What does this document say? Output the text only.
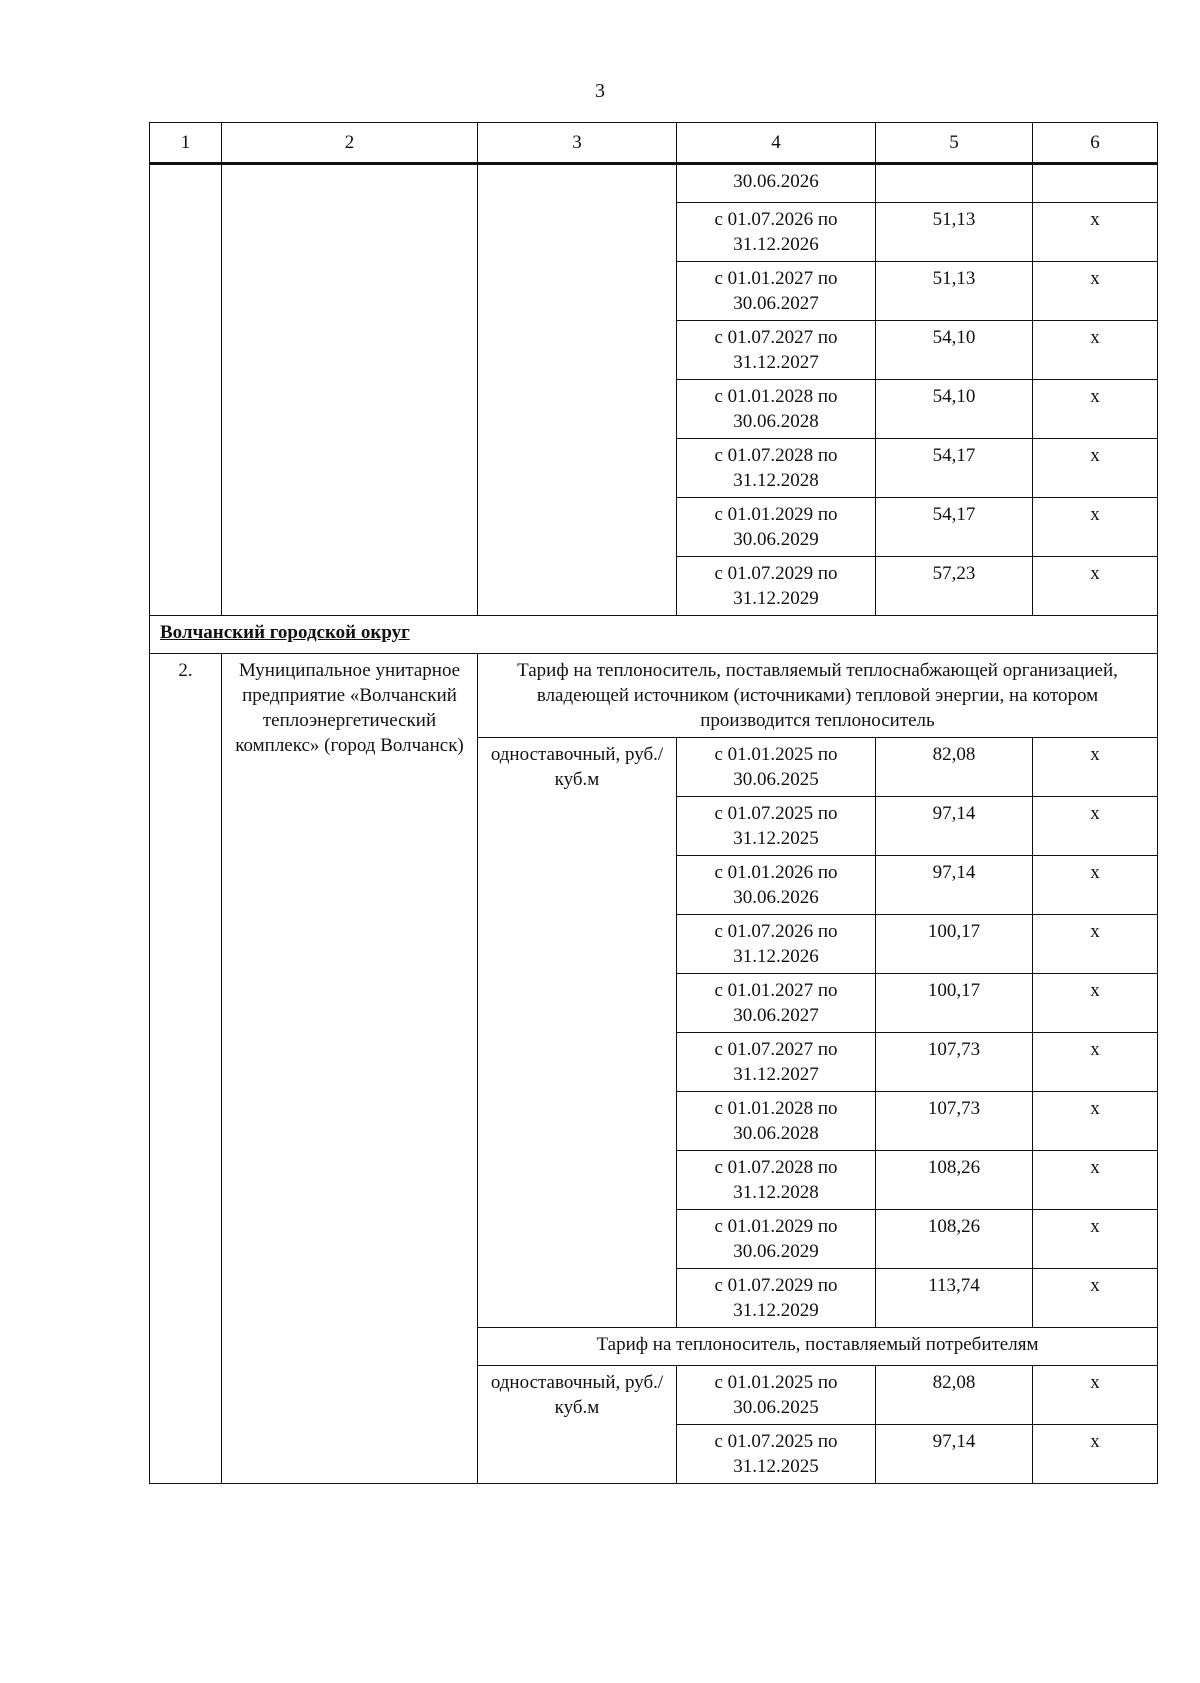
3
1	2	3	4	5	6
			30.06.2026		
			с 01.07.2026 по 31.12.2026	51,13	х
			с 01.01.2027 по 30.06.2027	51,13	х
			с 01.07.2027 по 31.12.2027	54,10	х
			с 01.01.2028 по 30.06.2028	54,10	х
			с 01.07.2028 по 31.12.2028	54,17	х
			с 01.01.2029 по 30.06.2029	54,17	х
			с 01.07.2029 по 31.12.2029	57,23	х
Волчанский городской округ					
2.	Муниципальное унитарное предприятие «Волчанский теплоэнергетический комплекс» (город Волчанск)	Тариф на теплоноситель, поставляемый теплоснабжающей организацией, владеющей источником (источниками) тепловой энергии, на котором производится теплоноситель			
		одноставочный, руб./куб.м	с 01.01.2025 по 30.06.2025	82,08	х
			с 01.07.2025 по 31.12.2025	97,14	х
			с 01.01.2026 по 30.06.2026	97,14	х
			с 01.07.2026 по 31.12.2026	100,17	х
			с 01.01.2027 по 30.06.2027	100,17	х
			с 01.07.2027 по 31.12.2027	107,73	х
			с 01.01.2028 по 30.06.2028	107,73	х
			с 01.07.2028 по 31.12.2028	108,26	х
			с 01.01.2029 по 30.06.2029	108,26	х
			с 01.07.2029 по 31.12.2029	113,74	х
		Тариф на теплоноситель, поставляемый потребителям			
		одноставочный, руб./куб.м	с 01.01.2025 по 30.06.2025	82,08	х
			с 01.07.2025 по 31.12.2025	97,14	х
